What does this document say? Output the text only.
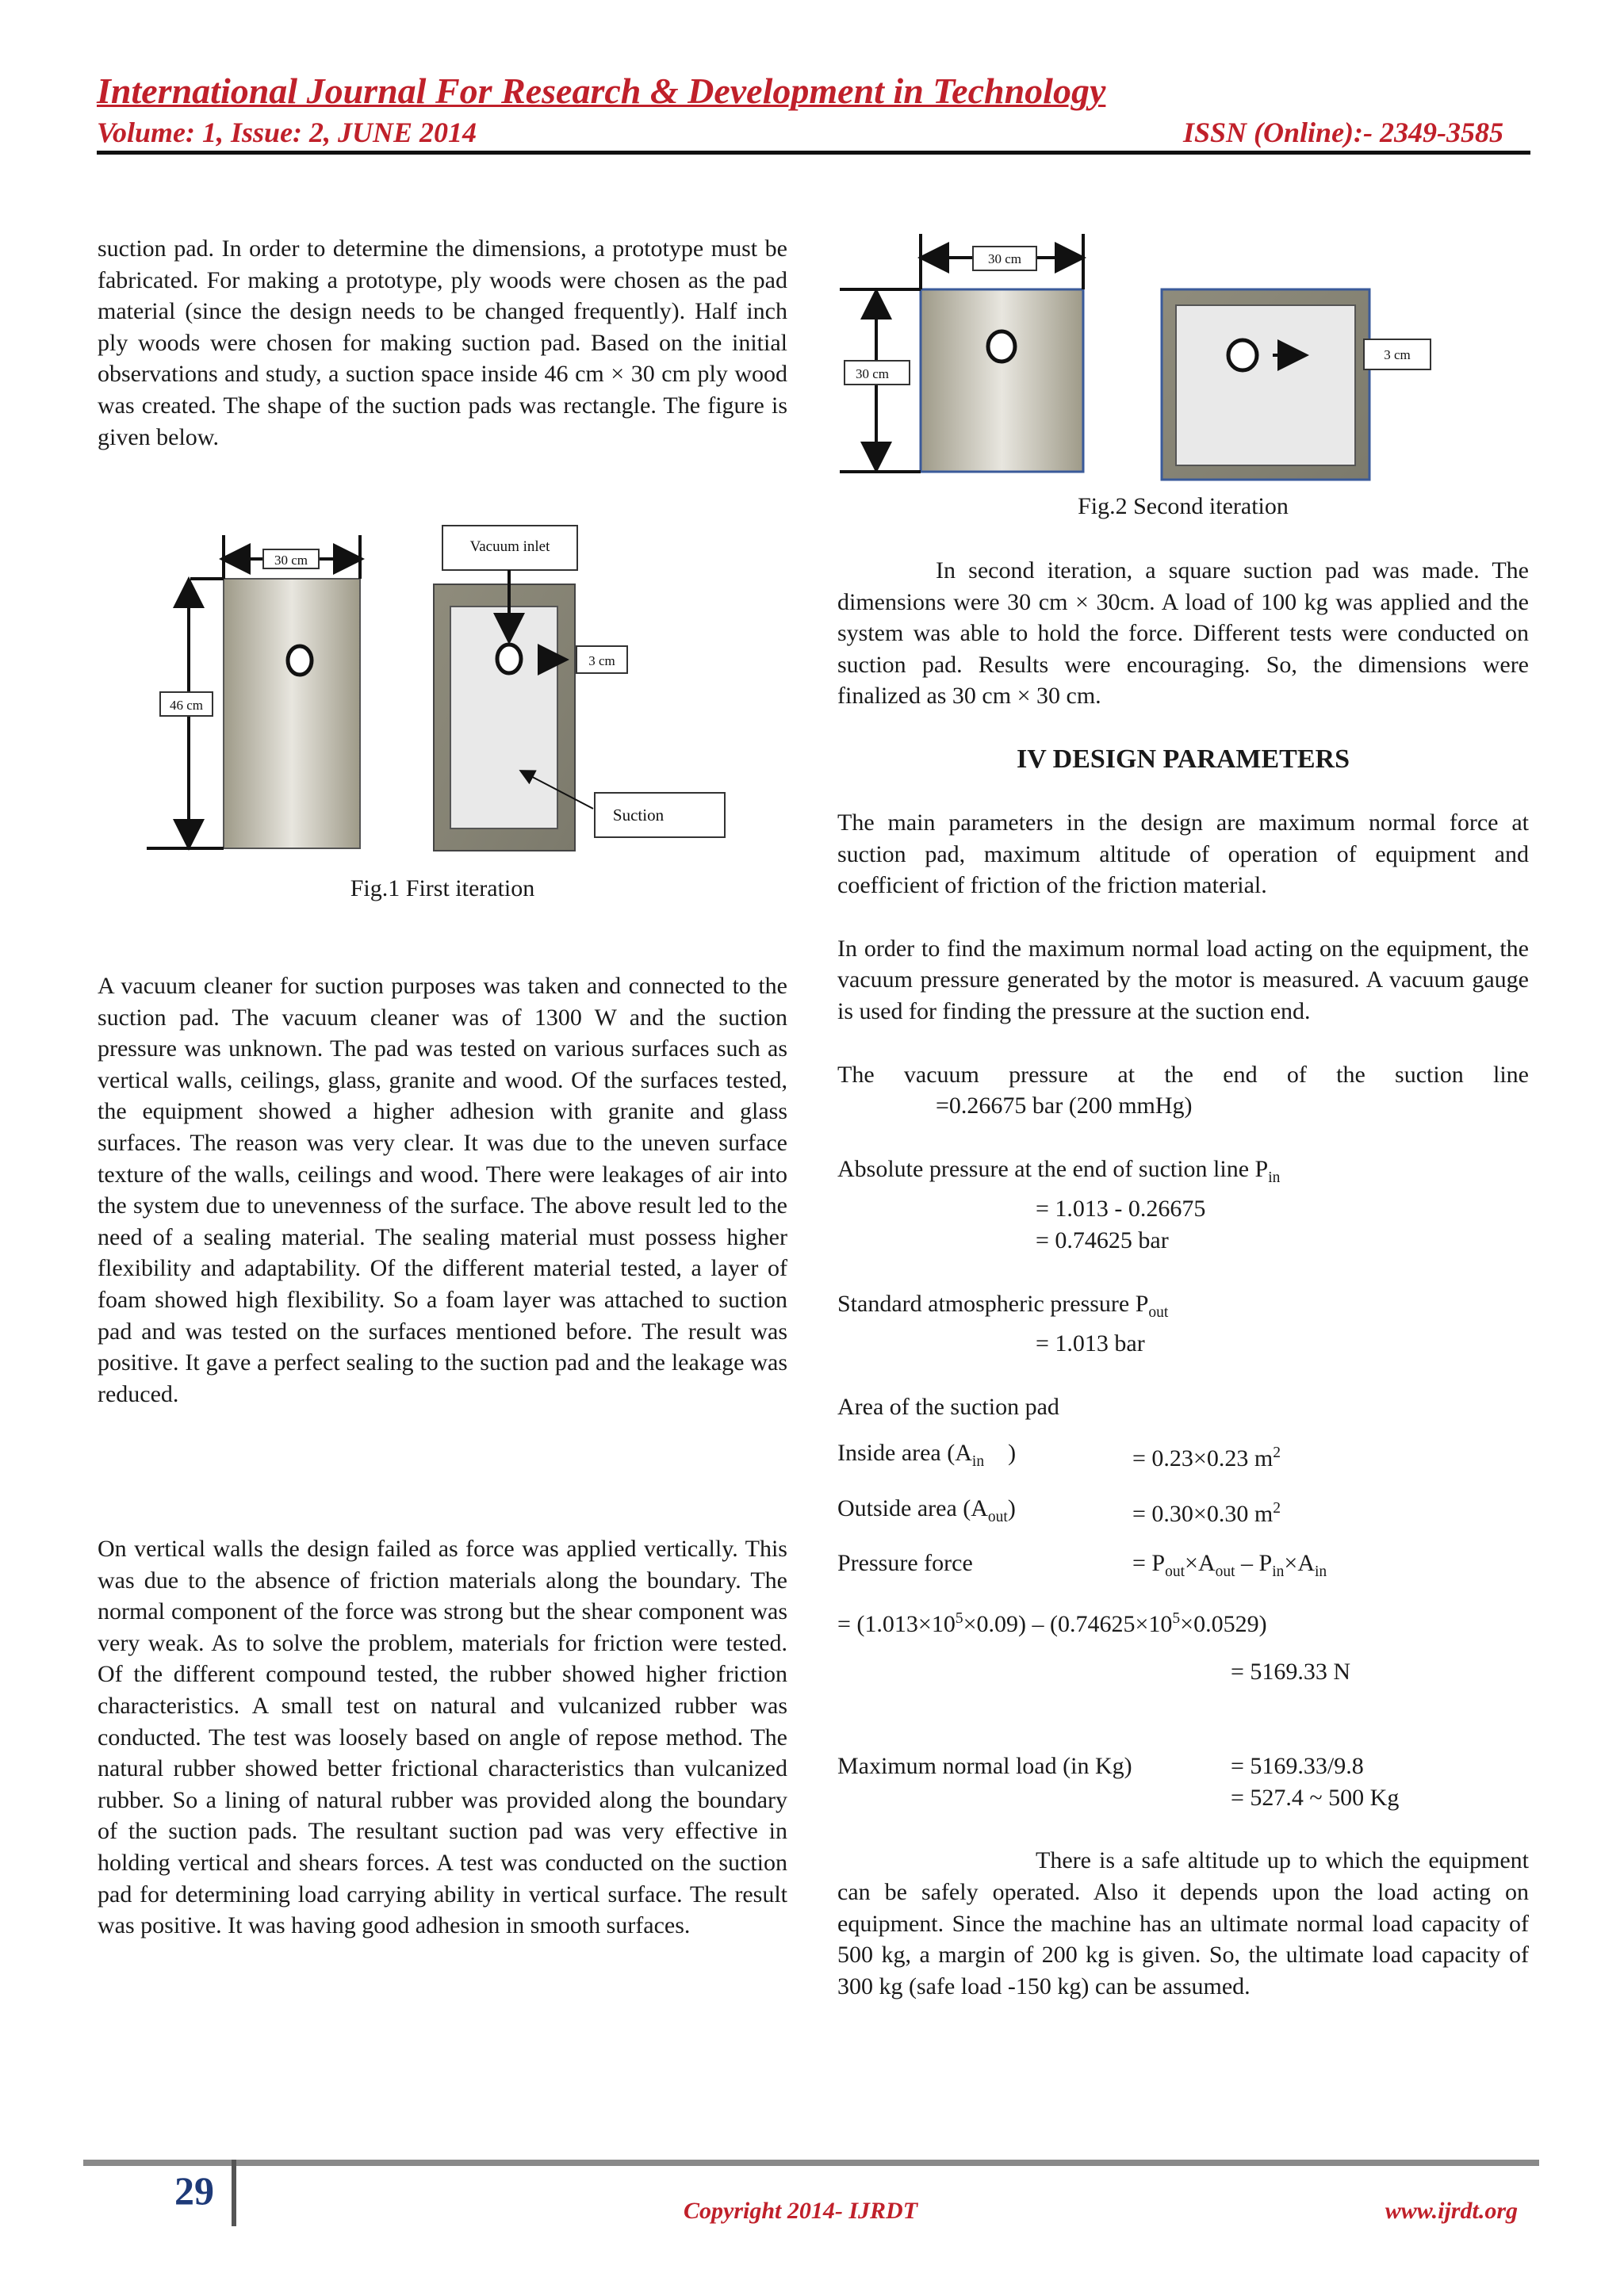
International Journal For Research & Development in Technology
Volume: 1, Issue: 2, JUNE 2014	ISSN (Online):- 2349-3585

suction pad. In order to determine the dimensions, a prototype must be fabricated. For making a prototype, ply woods were chosen as the pad material (since the design needs to be changed frequently). Half inch ply woods were chosen for making suction pad. Based on the initial observations and study, a suction space inside 46 cm × 30 cm ply wood was created. The shape of the suction pads was rectangle. The figure is given below.

30 cm
46 cm
Vacuum inlet
3 cm
Suction
Fig.1 First iteration

A vacuum cleaner for suction purposes was taken and connected to the suction pad. The vacuum cleaner was of 1300 W and the suction pressure was unknown. The pad was tested on various surfaces such as vertical walls, ceilings, glass, granite and wood. Of the surfaces tested, the equipment showed a higher adhesion with granite and glass surfaces. The reason was very clear. It was due to the uneven surface texture of the walls, ceilings and wood. There were leakages of air into the system due to unevenness of the surface. The above result led to the need of a sealing material. The sealing material must possess higher flexibility and adaptability. Of the different material tested, a layer of foam showed high flexibility. So a foam layer was attached to suction pad and was tested on the surfaces mentioned before. The result was positive. It gave a perfect sealing to the suction pad and the leakage was reduced.

On vertical walls the design failed as force was applied vertically. This was due to the absence of friction materials along the boundary. The normal component of the force was strong but the shear component was very weak. As to solve the problem, materials for friction were tested. Of the different compound tested, the rubber showed higher friction characteristics. A small test on natural and vulcanized rubber was conducted. The test was loosely based on angle of repose method. The natural rubber showed better frictional characteristics than vulcanized rubber. So a lining of natural rubber was provided along the boundary of the suction pads. The resultant suction pad was very effective in holding vertical and shears forces. A test was conducted on the suction pad for determining load carrying ability in vertical surface. The result was positive. It was having good adhesion in smooth surfaces.

30 cm
30 cm
3 cm
Fig.2 Second iteration

In second iteration, a square suction pad was made. The dimensions were 30 cm × 30cm. A load of 100 kg was applied and the system was able to hold the force. Different tests were conducted on suction pad. Results were encouraging. So, the dimensions were finalized as 30 cm × 30 cm.

IV DESIGN PARAMETERS

The main parameters in the design are maximum normal force at suction pad, maximum altitude of operation of equipment and coefficient of friction of the friction material.

In order to find the maximum normal load acting on the equipment, the vacuum pressure generated by the motor is measured. A vacuum gauge is used for finding the pressure at the suction end.

The vacuum pressure at the end of the suction line

=0.26675 bar (200 mmHg)

Absolute pressure at the end of suction line $P_{in}$

= 1.013 - 0.26675

= 0.74625 bar

Standard atmospheric pressure $P_{out}$

= 1.013 bar

Area of the suction pad

Inside area ($A_{in}$ )	= 0.23×0.23 $m^2$
Outside area $(A_{out})$	= 0.30×0.30 $m^2$
Pressure force	= $P_{out}\times A_{out} - P_{in}\times A_{in}$

= $(1.013\times 10^5\times 0.09) - (0.74625\times 10^5\times 0.0529)$

= 5169.33 N

Maximum normal load (in Kg)	= 5169.33/9.8

= 527.4 ~ 500 Kg

There is a safe altitude up to which the equipment can be safely operated. Also it depends upon the load acting on equipment. Since the machine has an ultimate normal load capacity of 500 kg, a margin of 200 kg is given. So, the ultimate load capacity of 300 kg (safe load -150 kg) can be assumed.

29	Copyright 2014- IJRDT	www.ijrdt.org
